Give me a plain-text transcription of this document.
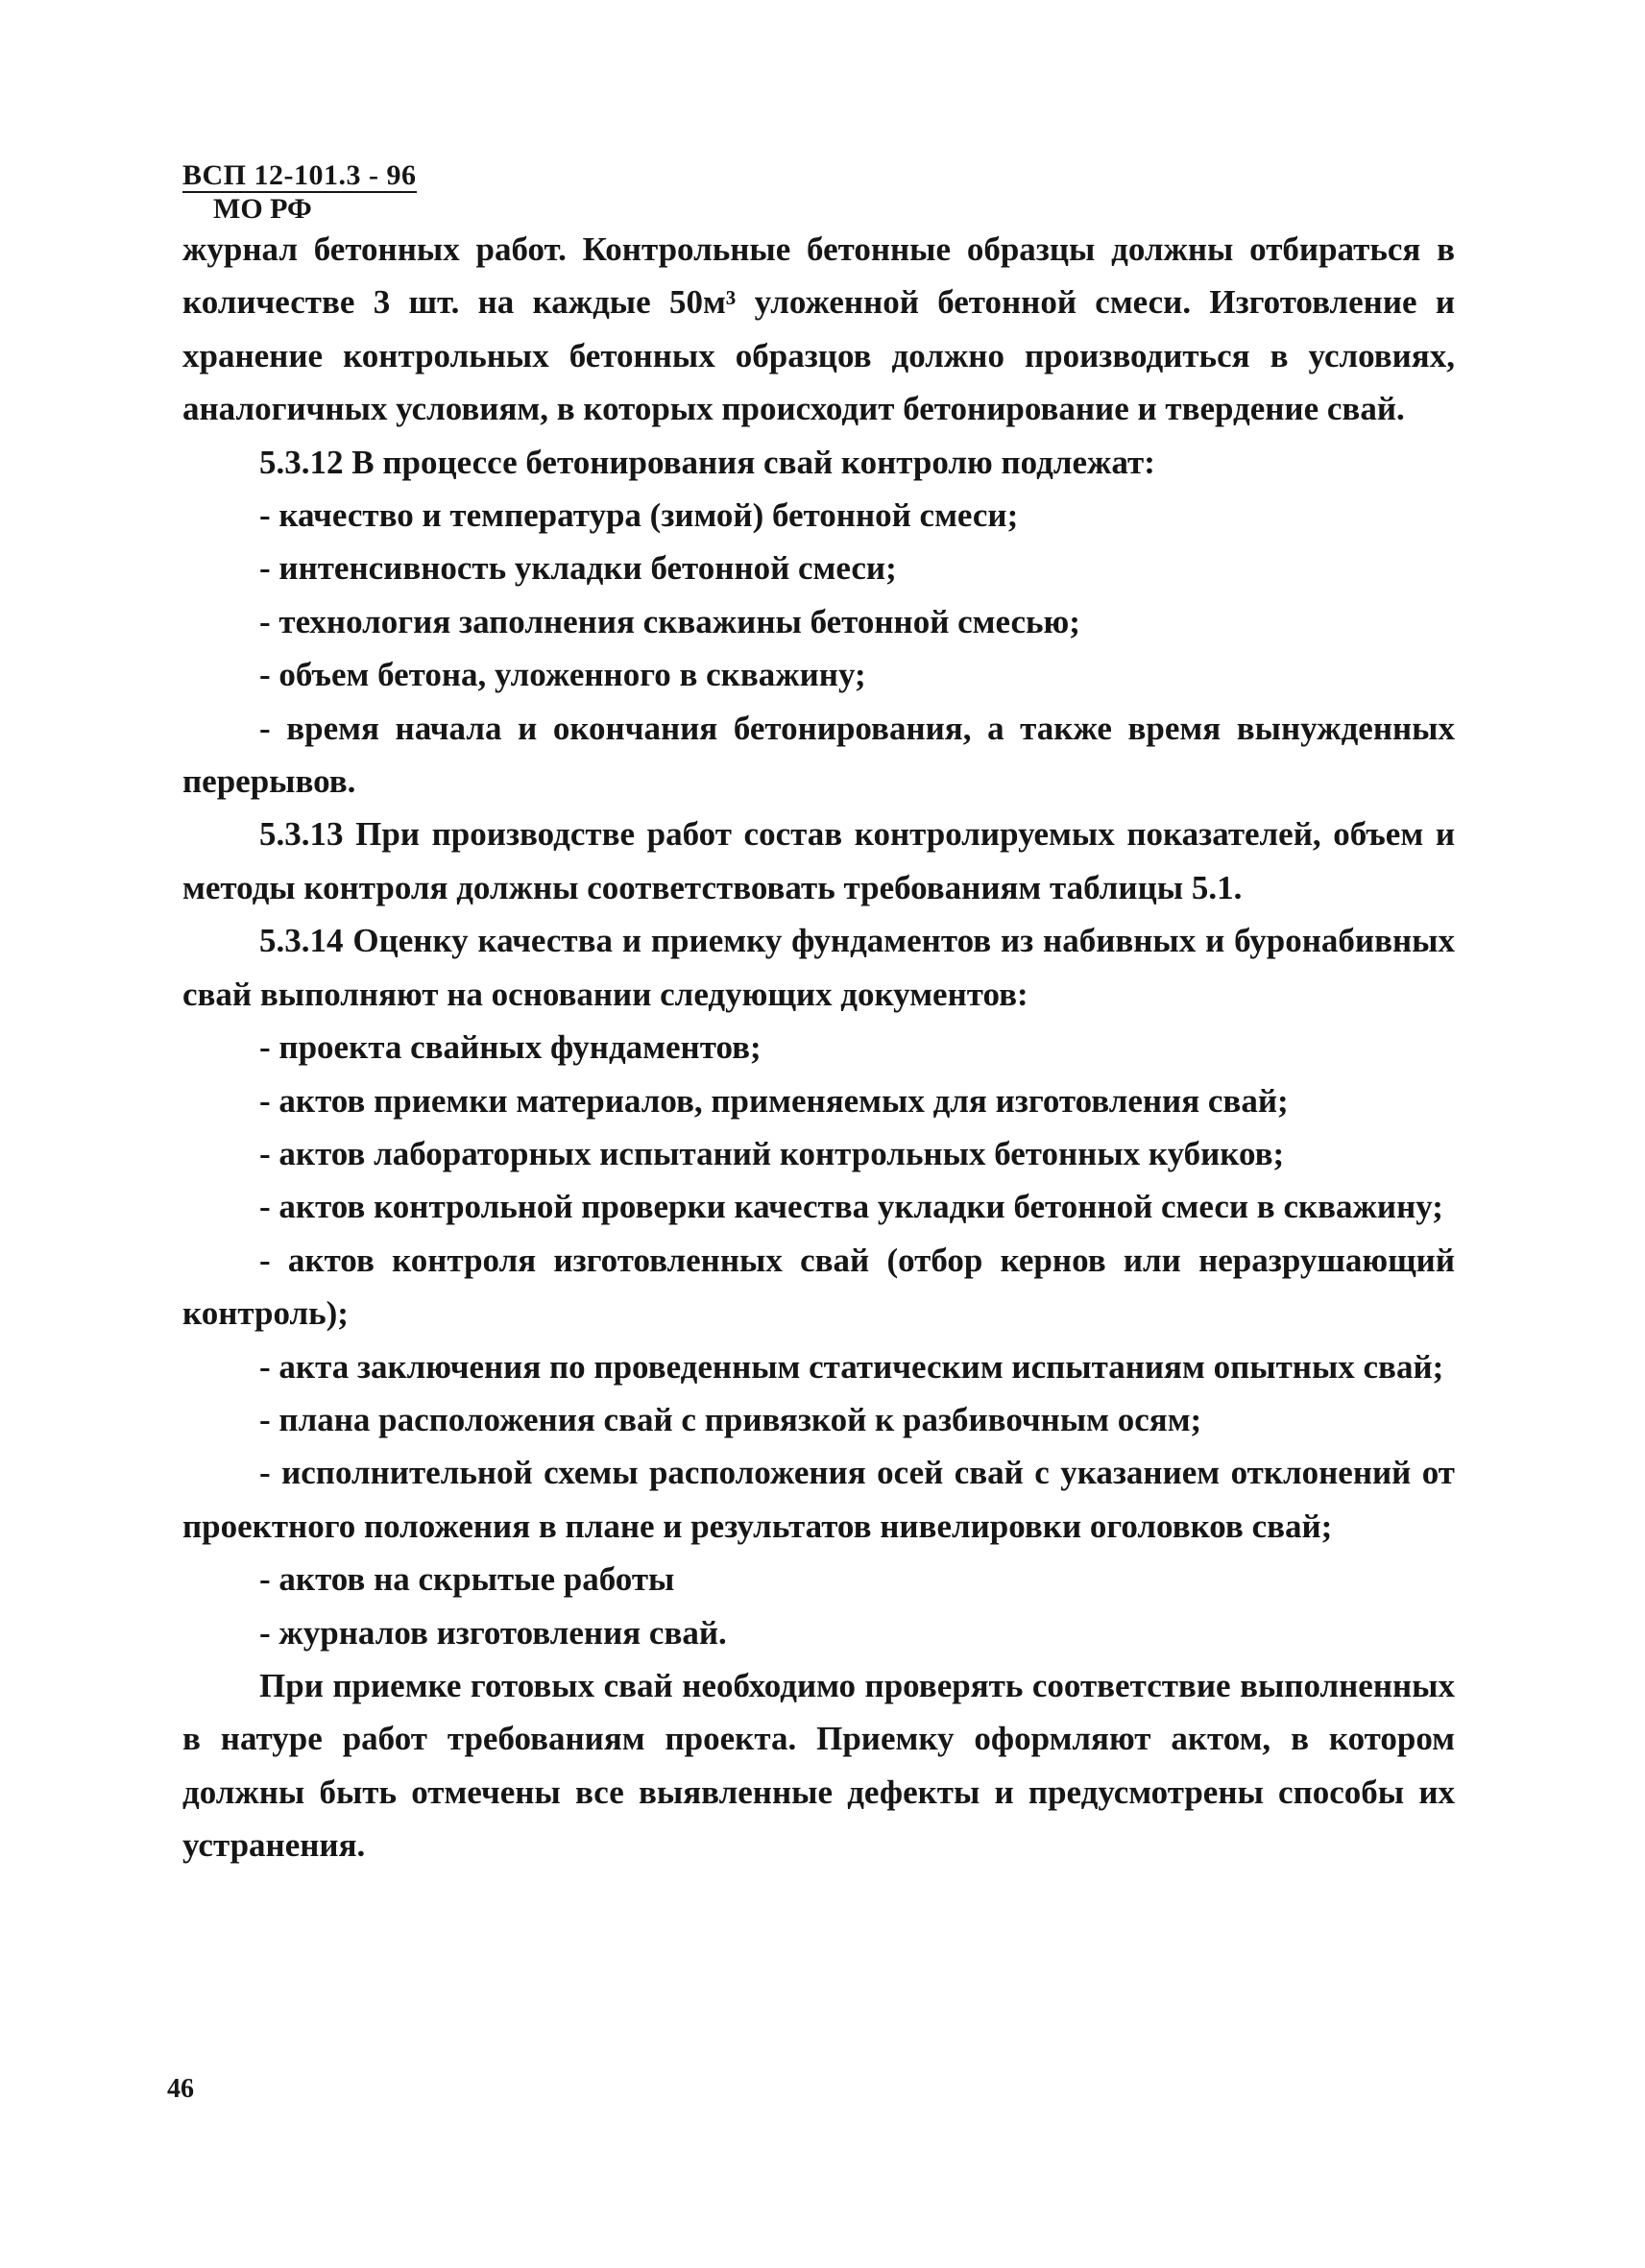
ВСП 12-101.3 - 96
МО РФ

журнал бетонных работ. Контрольные бетонные образцы должны отбираться в количестве 3 шт. на каждые 50м³ уложенной бетонной смеси. Изготовление и хранение контрольных бетонных образцов должно производиться в условиях, аналогичных условиям, в которых происходит бетонирование и твердение свай.

5.3.12 В процессе бетонирования свай контролю подлежат:

- качество и температура (зимой) бетонной смеси;

- интенсивность укладки бетонной смеси;

- технология заполнения скважины бетонной смесью;

- объем бетона, уложенного в скважину;

- время начала и окончания бетонирования, а также время вынужденных перерывов.

5.3.13 При производстве работ состав контролируемых показателей, объем и методы контроля должны соответствовать требованиям таблицы 5.1.

5.3.14 Оценку качества и приемку фундаментов из набивных и буронабивных свай выполняют на основании следующих документов:

- проекта свайных фундаментов;

- актов приемки материалов, применяемых для изготовления свай;

- актов лабораторных испытаний контрольных бетонных кубиков;

- актов контрольной проверки качества укладки бетонной смеси в скважину;

- актов контроля изготовленных свай (отбор кернов или неразрушающий контроль);

- акта заключения по проведенным статическим испытаниям опытных свай;

- плана расположения свай с привязкой к разбивочным осям;

- исполнительной схемы расположения осей свай с указанием отклонений от проектного положения в плане и результатов нивелировки оголовков свай;

- актов на скрытые работы

- журналов изготовления свай.

При приемке готовых свай необходимо проверять соответствие выполненных в натуре работ требованиям проекта. Приемку оформляют актом, в котором должны быть отмечены все выявленные дефекты и предусмотрены способы их устранения.

46
